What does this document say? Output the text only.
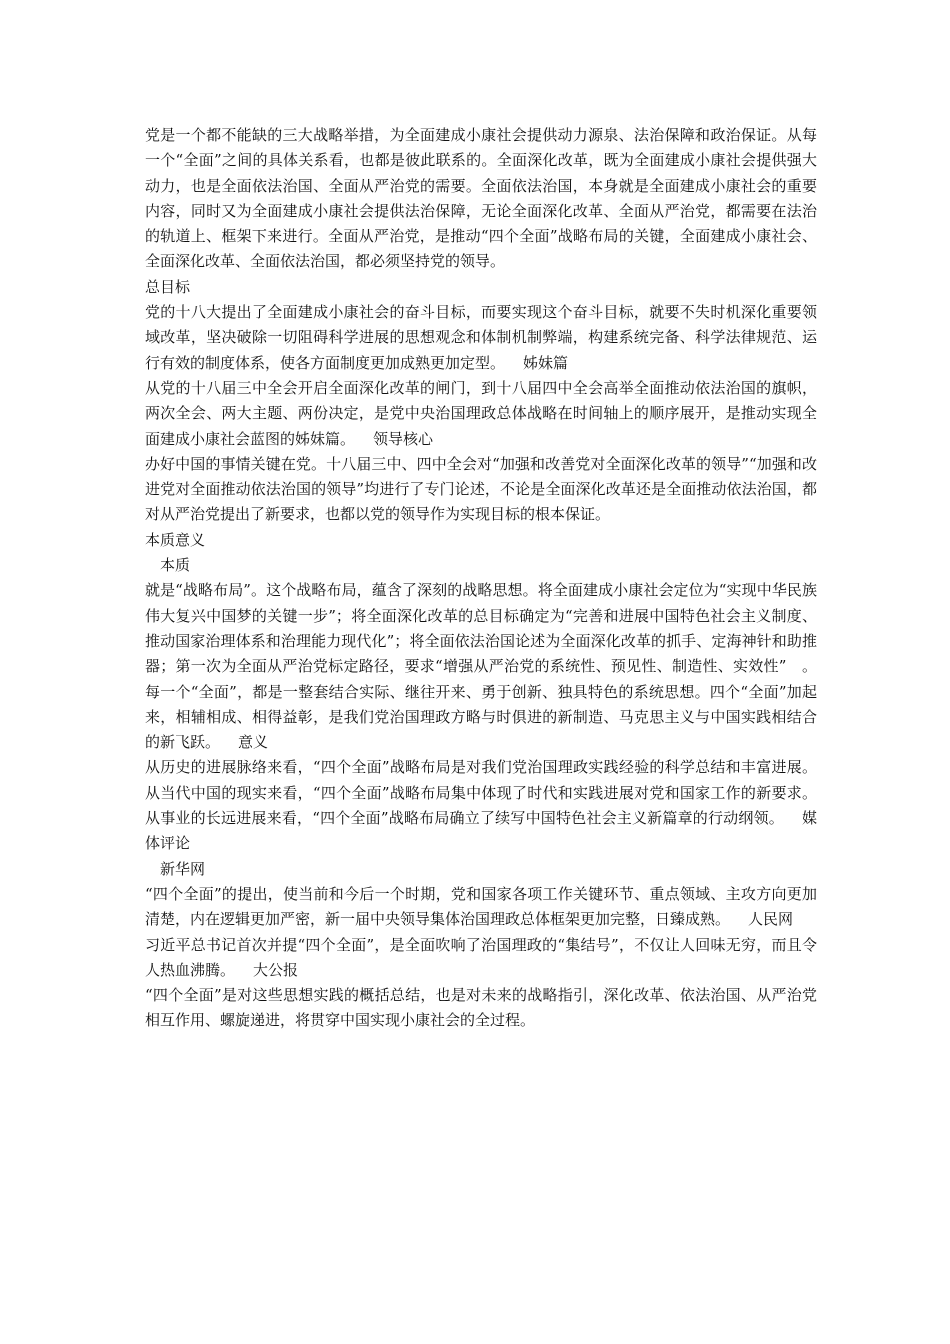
党是一个都不能缺的三大战略举措，为全面建成小康社会提供动力源泉、法治保障和政治保证。从每一个“全面”之间的具体关系看，也都是彼此联系的。全面深化改革，既为全面建成小康社会提供强大动力，也是全面依法治国、全面从严治党的需要。全面依法治国，本身就是全面建成小康社会的重要内容，同时又为全面建成小康社会提供法治保障，无论全面深化改革、全面从严治党，都需要在法治的轨道上、框架下来进行。全面从严治党，是推动“四个全面”战略布局的关键，全面建成小康社会、全面深化改革、全面依法治国，都必须坚持党的领导。

总目标

党的十八大提出了全面建成小康社会的奋斗目标，而要实现这个奋斗目标，就要不失时机深化重要领域改革，坚决破除一切阻碍科学进展的思想观念和体制机制弊端，构建系统完备、科学法律规范、运行有效的制度体系，使各方面制度更加成熟更加定型。 姊妹篇

从党的十八届三中全会开启全面深化改革的闸门，到十八届四中全会高举全面推动依法治国的旗帜，两次全会、两大主题、两份决定，是党中央治国理政总体战略在时间轴上的顺序展开，是推动实现全面建成小康社会蓝图的姊妹篇。 领导核心

办好中国的事情关键在党。十八届三中、四中全会对“加强和改善党对全面深化改革的领导”“加强和改进党对全面推动依法治国的领导”均进行了专门论述，不论是全面深化改革还是全面推动依法治国，都对从严治党提出了新要求，也都以党的领导作为实现目标的根本保证。

本质意义

本质

就是“战略布局”。这个战略布局，蕴含了深刻的战略思想。将全面建成小康社会定位为“实现中华民族伟大复兴中国梦的关键一步”；将全面深化改革的总目标确定为“完善和进展中国特色社会主义制度、推动国家治理体系和治理能力现代化”；将全面依法治国论述为全面深化改革的抓手、定海神针和助推器；第一次为全面从严治党标定路径，要求“增强从严治党的系统性、预见性、制造性、实效性”　。每一个“全面”，都是一整套结合实际、继往开来、勇于创新、独具特色的系统思想。四个“全面”加起来，相辅相成、相得益彰，是我们党治国理政方略与时俱进的新制造、马克思主义与中国实践相结合的新飞跃。 意义

从历史的进展脉络来看，“四个全面”战略布局是对我们党治国理政实践经验的科学总结和丰富进展。从当代中国的现实来看，“四个全面”战略布局集中体现了时代和实践进展对党和国家工作的新要求。从事业的长远进展来看，“四个全面”战略布局确立了续写中国特色社会主义新篇章的行动纲领。 媒体评论

新华网

“四个全面”的提出，使当前和今后一个时期，党和国家各项工作关键环节、重点领域、主攻方向更加清楚，内在逻辑更加严密，新一届中央领导集体治国理政总体框架更加完整，日臻成熟。 人民网

习近平总书记首次并提“四个全面”，是全面吹响了治国理政的“集结号”，不仅让人回味无穷，而且令人热血沸腾。 大公报

“四个全面”是对这些思想实践的概括总结，也是对未来的战略指引，深化改革、依法治国、从严治党相互作用、螺旋递进，将贯穿中国实现小康社会的全过程。
